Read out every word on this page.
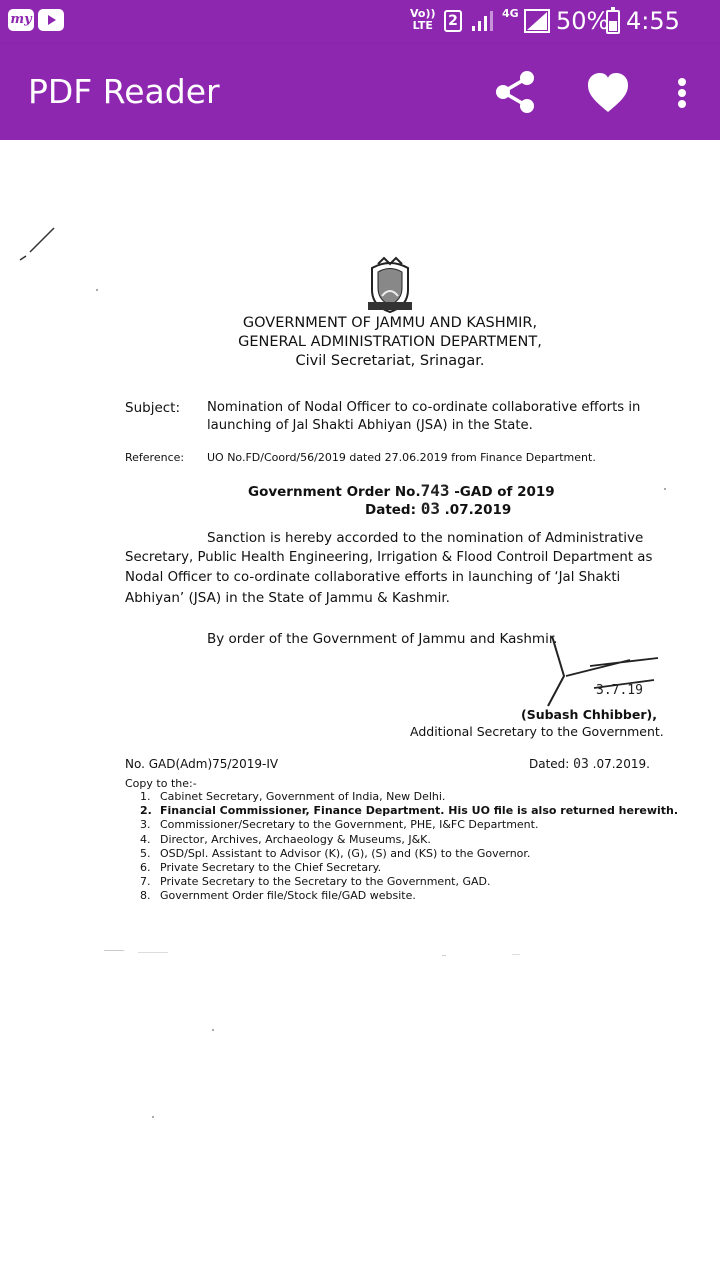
my	Vo))
LTE 2	4G 50% 4:55
PDF Reader
GOVERNMENT OF JAMMU AND KASHMIR,
GENERAL ADMINISTRATION DEPARTMENT,
Civil Secretariat, Srinagar.
Subject: Nomination of Nodal Officer to co-ordinate collaborative efforts in
launching of Jal Shakti Abhiyan (JSA) in the State.
Reference: UO No.FD/Coord/56/2019 dated 27.06.2019 from Finance Department.
Government Order No.743 -GAD of 2019
Dated: 03 .07.2019
Sanction is hereby accorded to the nomination of Administrative
Secretary, Public Health Engineering, Irrigation & Flood Controil Department as
Nodal Officer to co-ordinate collaborative efforts in launching of ‘Jal Shakti
Abhiyan’ (JSA) in the State of Jammu & Kashmir.
By order of the Government of Jammu and Kashmir.
3.7.19
(Subash Chhibber),
Additional Secretary to the Government.
No. GAD(Adm)75/2019-IV	Dated: 03 .07.2019.
Copy to the:-
1. Cabinet Secretary, Government of India, New Delhi.
2. Financial Commissioner, Finance Department. His UO file is also returned herewith.
3. Commissioner/Secretary to the Government, PHE, I&FC Department.
4. Director, Archives, Archaeology & Museums, J&K.
5. OSD/Spl. Assistant to Advisor (K), (G), (S) and (KS) to the Governor.
6. Private Secretary to the Chief Secretary.
7. Private Secretary to the Secretary to the Government, GAD.
8. Government Order file/Stock file/GAD website.
